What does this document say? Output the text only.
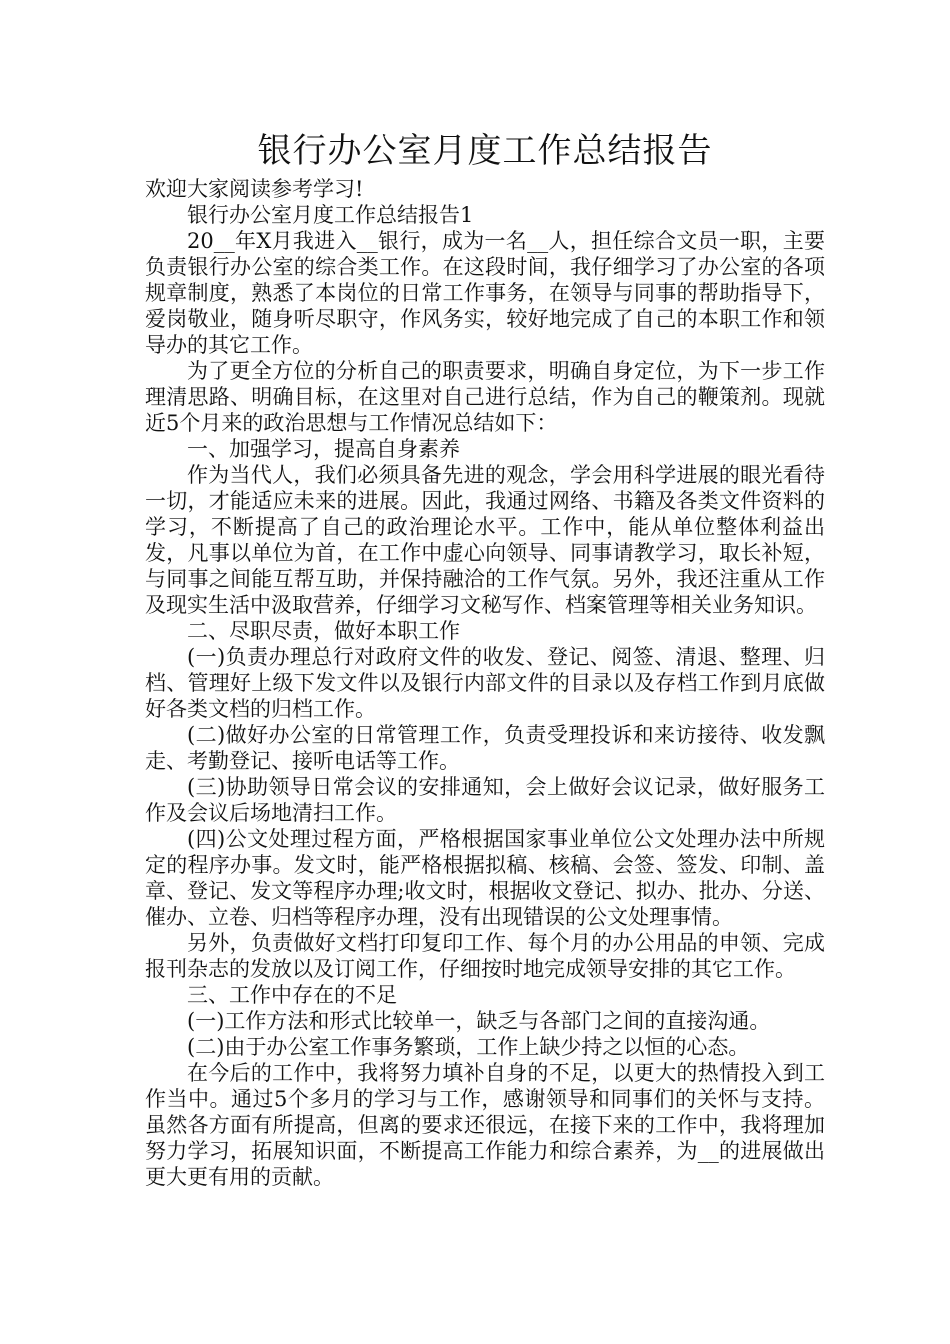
银行办公室月度工作总结报告

欢迎大家阅读参考学习!

银行办公室月度工作总结报告1

20__年X月我进入__银行，成为一名__人，担任综合文员一职，主要负责银行办公室的综合类工作。在这段时间，我仔细学习了办公室的各项规章制度，熟悉了本岗位的日常工作事务，在领导与同事的帮助指导下，爱岗敬业，随身听尽职守，作风务实，较好地完成了自己的本职工作和领导办的其它工作。

为了更全方位的分析自己的职责要求，明确自身定位，为下一步工作理清思路、明确目标，在这里对自己进行总结，作为自己的鞭策剂。现就近5个月来的政治思想与工作情况总结如下：

一、加强学习，提高自身素养

作为当代人，我们必须具备先进的观念，学会用科学进展的眼光看待一切，才能适应未来的进展。因此，我通过网络、书籍及各类文件资料的学习，不断提高了自己的政治理论水平。工作中，能从单位整体利益出发，凡事以单位为首，在工作中虚心向领导、同事请教学习，取长补短，与同事之间能互帮互助，并保持融洽的工作气氛。另外，我还注重从工作及现实生活中汲取营养，仔细学习文秘写作、档案管理等相关业务知识。

二、尽职尽责，做好本职工作

(一)负责办理总行对政府文件的收发、登记、阅签、清退、整理、归档、管理好上级下发文件以及银行内部文件的目录以及存档工作到月底做好各类文档的归档工作。

(二)做好办公室的日常管理工作，负责受理投诉和来访接待、收发飘走、考勤登记、接听电话等工作。

(三)协助领导日常会议的安排通知，会上做好会议记录，做好服务工作及会议后场地清扫工作。

(四)公文处理过程方面，严格根据国家事业单位公文处理办法中所规定的程序办事。发文时，能严格根据拟稿、核稿、会签、签发、印制、盖章、登记、发文等程序办理;收文时，根据收文登记、拟办、批办、分送、催办、立卷、归档等程序办理，没有出现错误的公文处理事情。

另外，负责做好文档打印复印工作、每个月的办公用品的申领、完成报刊杂志的发放以及订阅工作，仔细按时地完成领导安排的其它工作。

三、工作中存在的不足

(一)工作方法和形式比较单一，缺乏与各部门之间的直接沟通。

(二)由于办公室工作事务繁琐，工作上缺少持之以恒的心态。

在今后的工作中，我将努力填补自身的不足，以更大的热情投入到工作当中。通过5个多月的学习与工作，感谢领导和同事们的关怀与支持。虽然各方面有所提高，但离的要求还很远，在接下来的工作中，我将理加努力学习，拓展知识面，不断提高工作能力和综合素养，为__的进展做出更大更有用的贡献。
